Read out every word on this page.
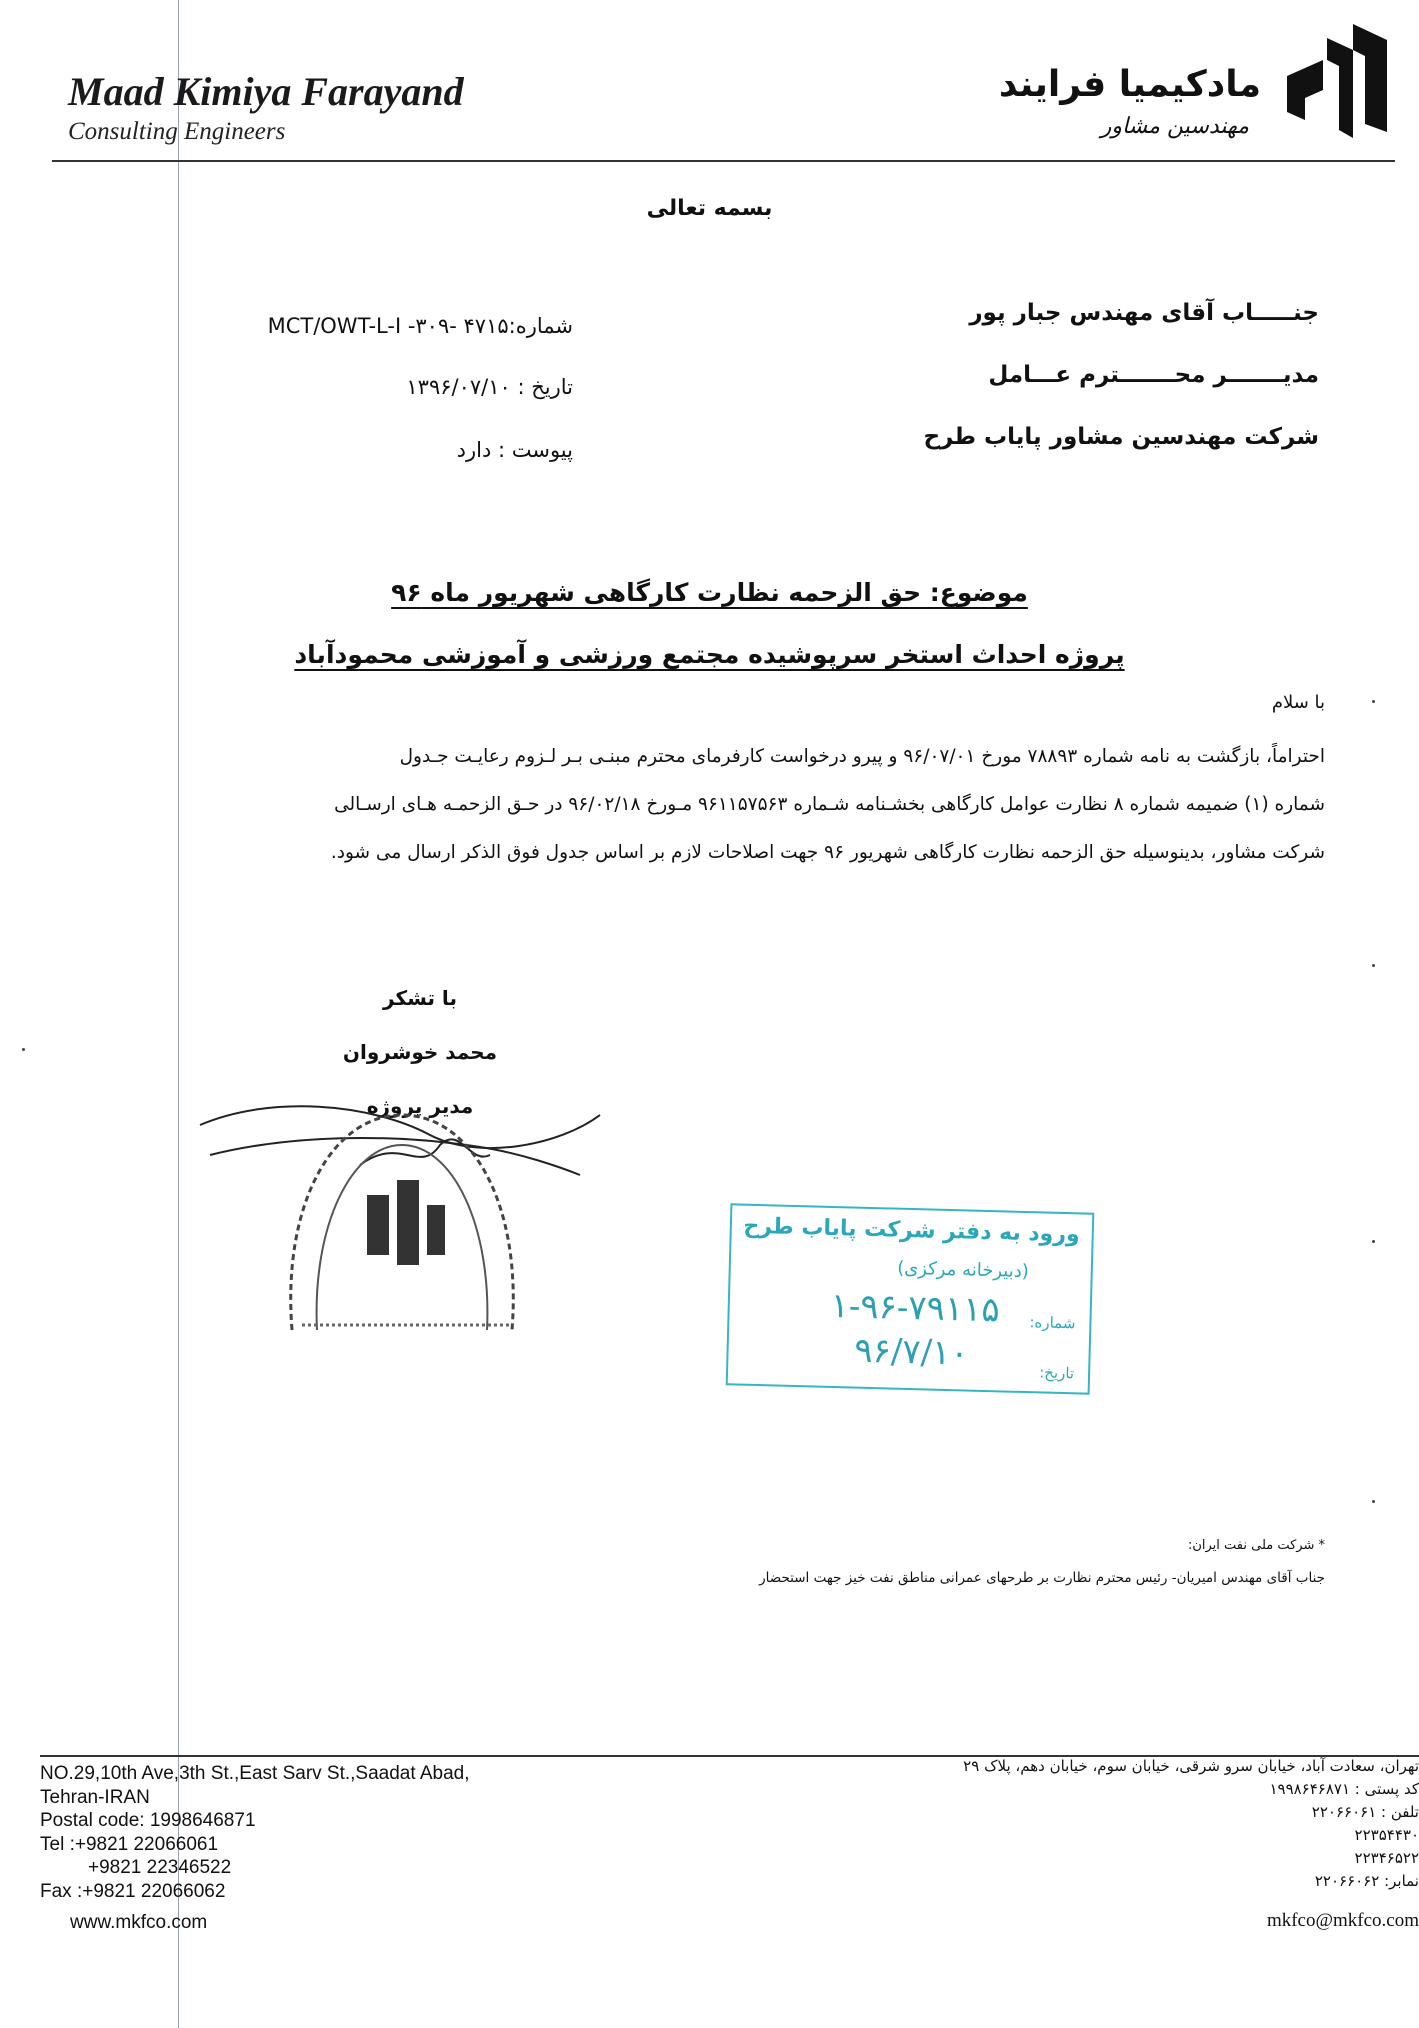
Maad Kimiya Farayand
Consulting Engineers
مادکیمیا فرایند
مهندسین مشاور
بسمه تعالی
جنـــــاب آقای مهندس جبار پور
مدیـــــــر محـــــــترم عـــامل
شرکت مهندسین مشاور پایاب طرح
شماره:۴۷۱۵ -MCT/OWT-L-I ‎-۳۰۹
تاریخ : ۱۳۹۶/۰۷/۱۰
پیوست : دارد
موضوع: حق الزحمه نظارت کارگاهی شهریور ماه ۹۶
پروژه احداث استخر سرپوشیده مجتمع ورزشی و آموزشی محمودآباد
با سلام
احتراماً، بازگشت به نامه شماره ۷۸۸۹۳ مورخ ۹۶/۰۷/۰۱ و پیرو درخواست کارفرمای محترم مبنـی بـر لـزوم رعایـت جـدول
شماره (۱) ضمیمه شماره ۸ نظارت عوامل کارگاهی بخشـنامه شـماره ۹۶۱۱۵۷۵۶۳ مـورخ ۹۶/۰۲/۱۸ در حـق الزحمـه هـای ارسـالی
شرکت مشاور، بدینوسیله حق الزحمه نظارت کارگاهی شهریور ۹۶ جهت اصلاحات لازم بر اساس جدول فوق الذکر ارسال می شود.
با تشکر
محمد خوشروان
مدیر پروژه
ورود به دفتر شرکت پایاب طرح
(دبیرخانه مرکزی)
شماره:
۱-۹۶-۷۹۱۱۵
تاریخ:
۹۶/۷/۱۰
* شرکت ملی نفت ایران:
جناب آقای مهندس امیریان- رئیس محترم نظارت بر طرحهای عمرانی مناطق نفت خیز جهت استحضار
NO.29,10th Ave,3th St.,East Sarv St.,Saadat Abad,
Tehran-IRAN
Postal code: 1998646871
Tel :+9821 22066061
+9821 22346522
Fax :+9821 22066062
www.mkfco.com
تهران، سعادت آباد، خیابان سرو شرقی، خیابان سوم، خیابان دهم، پلاک ۲۹
کد پستی : ۱۹۹۸۶۴۶۸۷۱
تلفن : ۲۲۰۶۶۰۶۱
۲۲۳۵۴۴۳۰
۲۲۳۴۶۵۲۲
نمابر: ۲۲۰۶۶۰۶۲
mkfco@mkfco.com
